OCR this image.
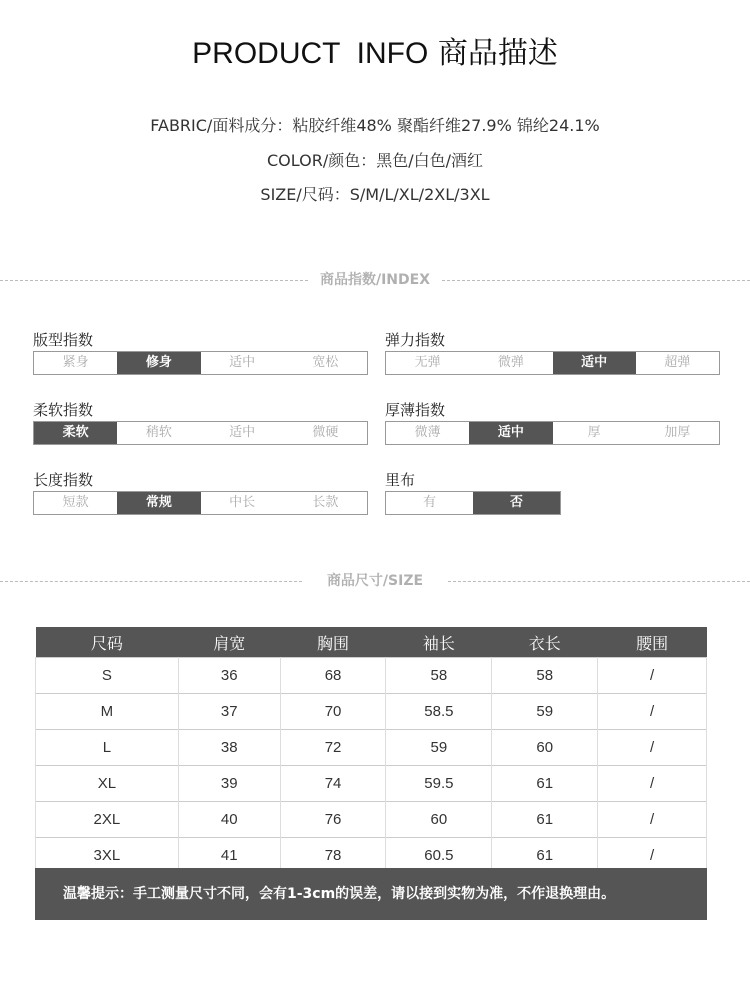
PRODUCT  INFO 商品描述
FABRIC/面料成分：粘胶纤维48% 聚酯纤维27.9% 锦纶24.1%
COLOR/颜色：黑色/白色/酒红
SIZE/尺码：S/M/L/XL/2XL/3XL
商品指数/INDEX
版型指数
紧身	修身	适中	宽松
弹力指数
无弹	微弹	适中	超弹
柔软指数
柔软	稍软	适中	微硬
厚薄指数
微薄	适中	厚	加厚
长度指数
短款	常规	中长	长款
里布
有	否
商品尺寸/SIZE
尺码	肩宽	胸围	袖长	衣长	腰围
S	36	68	58	58	/
M	37	70	58.5	59	/
L	38	72	59	60	/
XL	39	74	59.5	61	/
2XL	40	76	60	61	/
3XL	41	78	60.5	61	/
温馨提示：手工测量尺寸不同，会有1-3cm的误差，请以接到实物为准，不作退换理由。
